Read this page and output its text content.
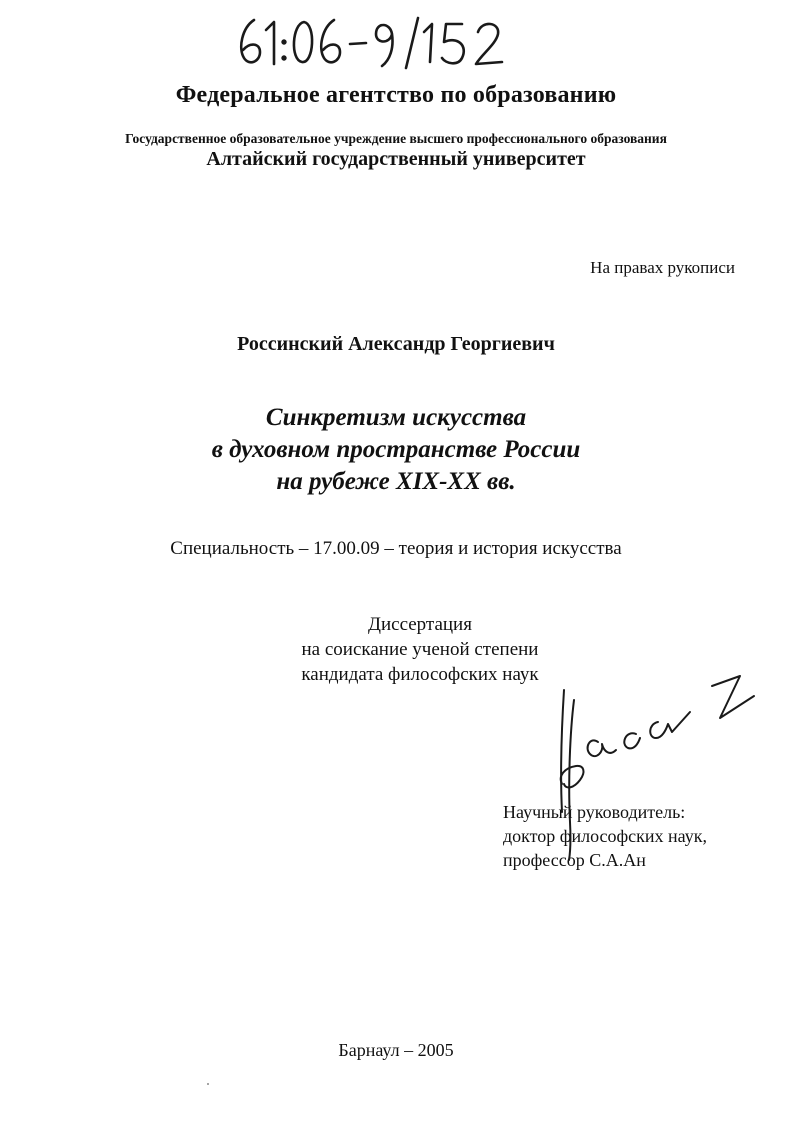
Федеральное агентство по образованию
Государственное образовательное учреждение высшего профессионального образования
Алтайский государственный университет
На правах рукописи
Россинский Александр Георгиевич
Синкретизм искусства
в духовном пространстве России
на рубеже XIX-XX вв.
Специальность – 17.00.09 – теория и история искусства
Диссертация
на соискание ученой степени
кандидата философских наук
Научный руководитель:
доктор философских наук,
профессор С.А.Ан
Барнаул – 2005
